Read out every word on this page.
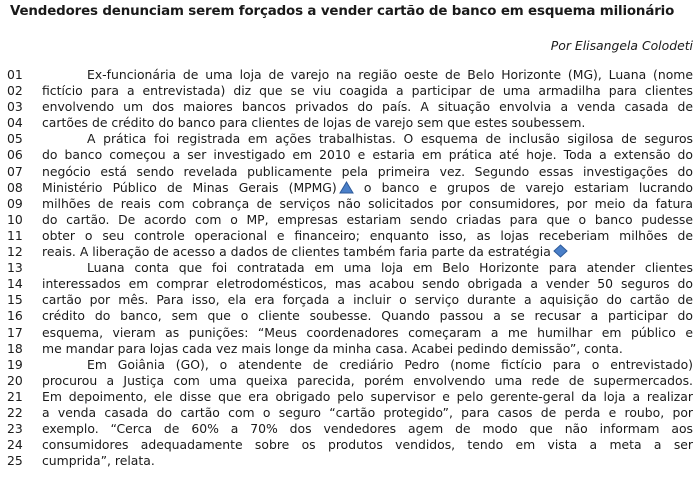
Vendedores denunciam serem forçados a vender cartão de banco em esquema milionário
Por Elisangela Colodeti
01	Ex-funcionária de uma loja de varejo na região oeste de Belo Horizonte (MG), Luana (nome
02	fictício para a entrevistada) diz que se viu coagida a participar de uma armadilha para clientes
03	envolvendo um dos maiores bancos privados do país. A situação envolvia a venda casada de
04	cartões de crédito do banco para clientes de lojas de varejo sem que estes soubessem.
05	A prática foi registrada em ações trabalhistas. O esquema de inclusão sigilosa de seguros
06	do banco começou a ser investigado em 2010 e estaria em prática até hoje. Toda a extensão do
07	negócio está sendo revelada publicamente pela primeira vez. Segundo essas investigações do
08	Ministério Público de Minas Gerais (MPMG) o banco e grupos de varejo estariam lucrando
09	milhões de reais com cobrança de serviços não solicitados por consumidores, por meio da fatura
10	do cartão. De acordo com o MP, empresas estariam sendo criadas para que o banco pudesse
11	obter o seu controle operacional e financeiro; enquanto isso, as lojas receberiam milhões de
12	reais. A liberação de acesso a dados de clientes também faria parte da estratégia
13	Luana conta que foi contratada em uma loja em Belo Horizonte para atender clientes
14	interessados em comprar eletrodomésticos, mas acabou sendo obrigada a vender 50 seguros do
15	cartão por mês. Para isso, ela era forçada a incluir o serviço durante a aquisição do cartão de
16	crédito do banco, sem que o cliente soubesse. Quando passou a se recusar a participar do
17	esquema, vieram as punições: “Meus coordenadores começaram a me humilhar em público e
18	me mandar para lojas cada vez mais longe da minha casa. Acabei pedindo demissão”, conta.
19	Em Goiânia (GO), o atendente de crediário Pedro (nome fictício para o entrevistado)
20	procurou a Justiça com uma queixa parecida, porém envolvendo uma rede de supermercados.
21	Em depoimento, ele disse que era obrigado pelo supervisor e pelo gerente-geral da loja a realizar
22	a venda casada do cartão com o seguro “cartão protegido”, para casos de perda e roubo, por
23	exemplo. “Cerca de 60% a 70% dos vendedores agem de modo que não informam aos
24	consumidores adequadamente sobre os produtos vendidos, tendo em vista a meta a ser
25	cumprida”, relata.
